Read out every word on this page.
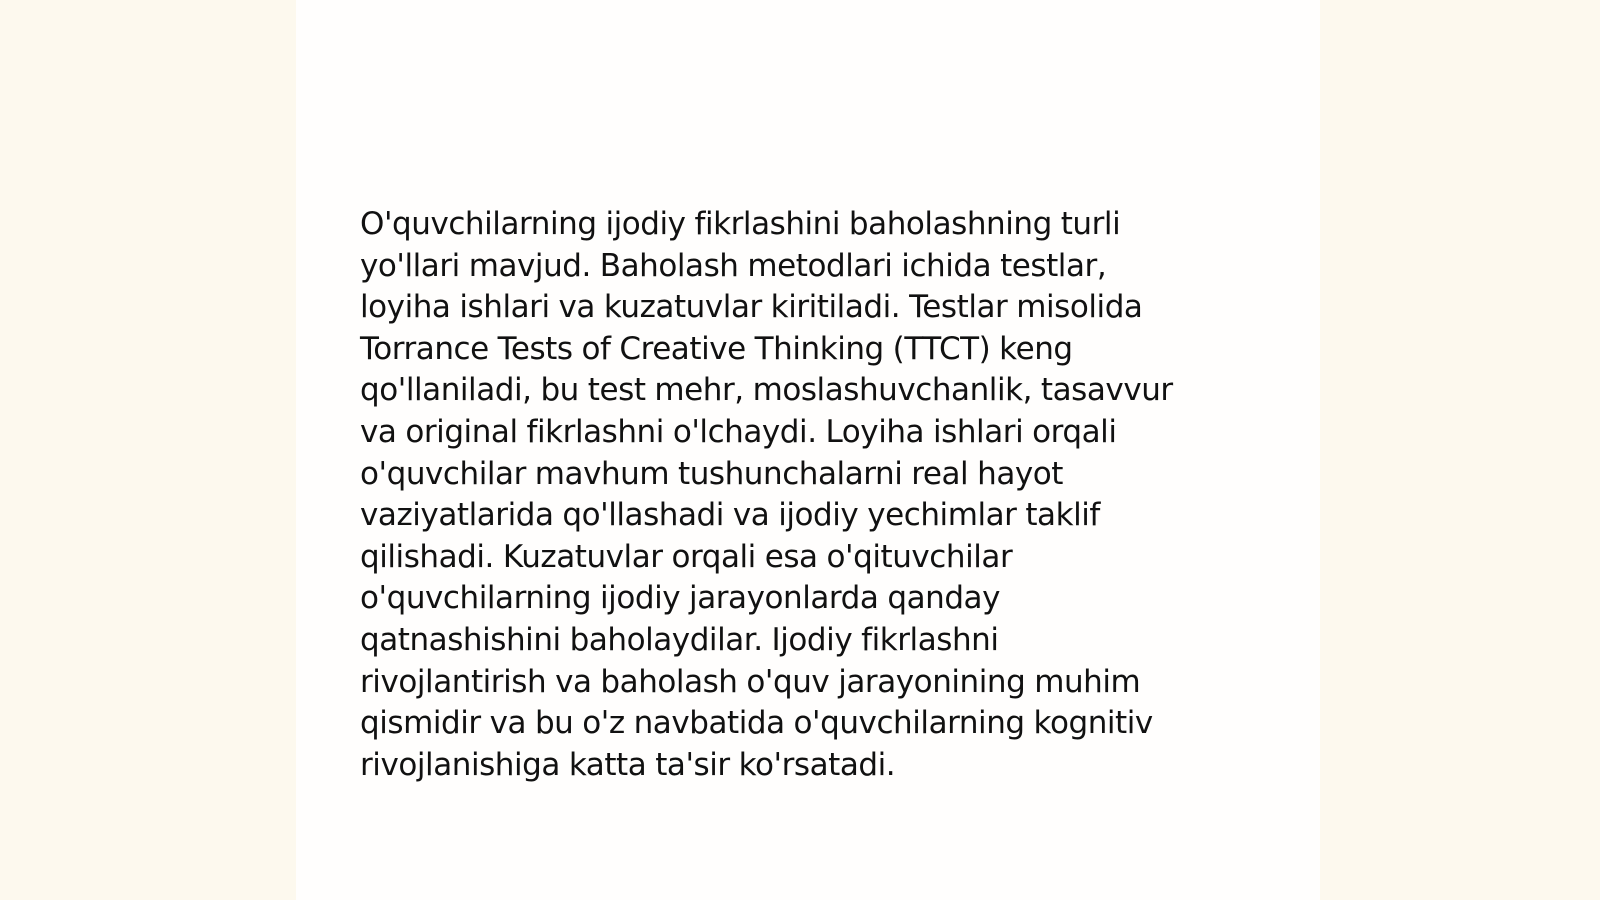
O'quvchilarning ijodiy fikrlashini baholashning turli
yo'llari mavjud. Baholash metodlari ichida testlar,
loyiha ishlari va kuzatuvlar kiritiladi. Testlar misolida
Torrance Tests of Creative Thinking (TTCT) keng
qo'llaniladi, bu test mehr, moslashuvchanlik, tasavvur
va original fikrlashni o'lchaydi. Loyiha ishlari orqali
o'quvchilar mavhum tushunchalarni real hayot
vaziyatlarida qo'llashadi va ijodiy yechimlar taklif
qilishadi. Kuzatuvlar orqali esa o'qituvchilar
o'quvchilarning ijodiy jarayonlarda qanday
qatnashishini baholaydilar. Ijodiy fikrlashni
rivojlantirish va baholash o'quv jarayonining muhim
qismidir va bu o'z navbatida o'quvchilarning kognitiv
rivojlanishiga katta ta'sir ko'rsatadi.
